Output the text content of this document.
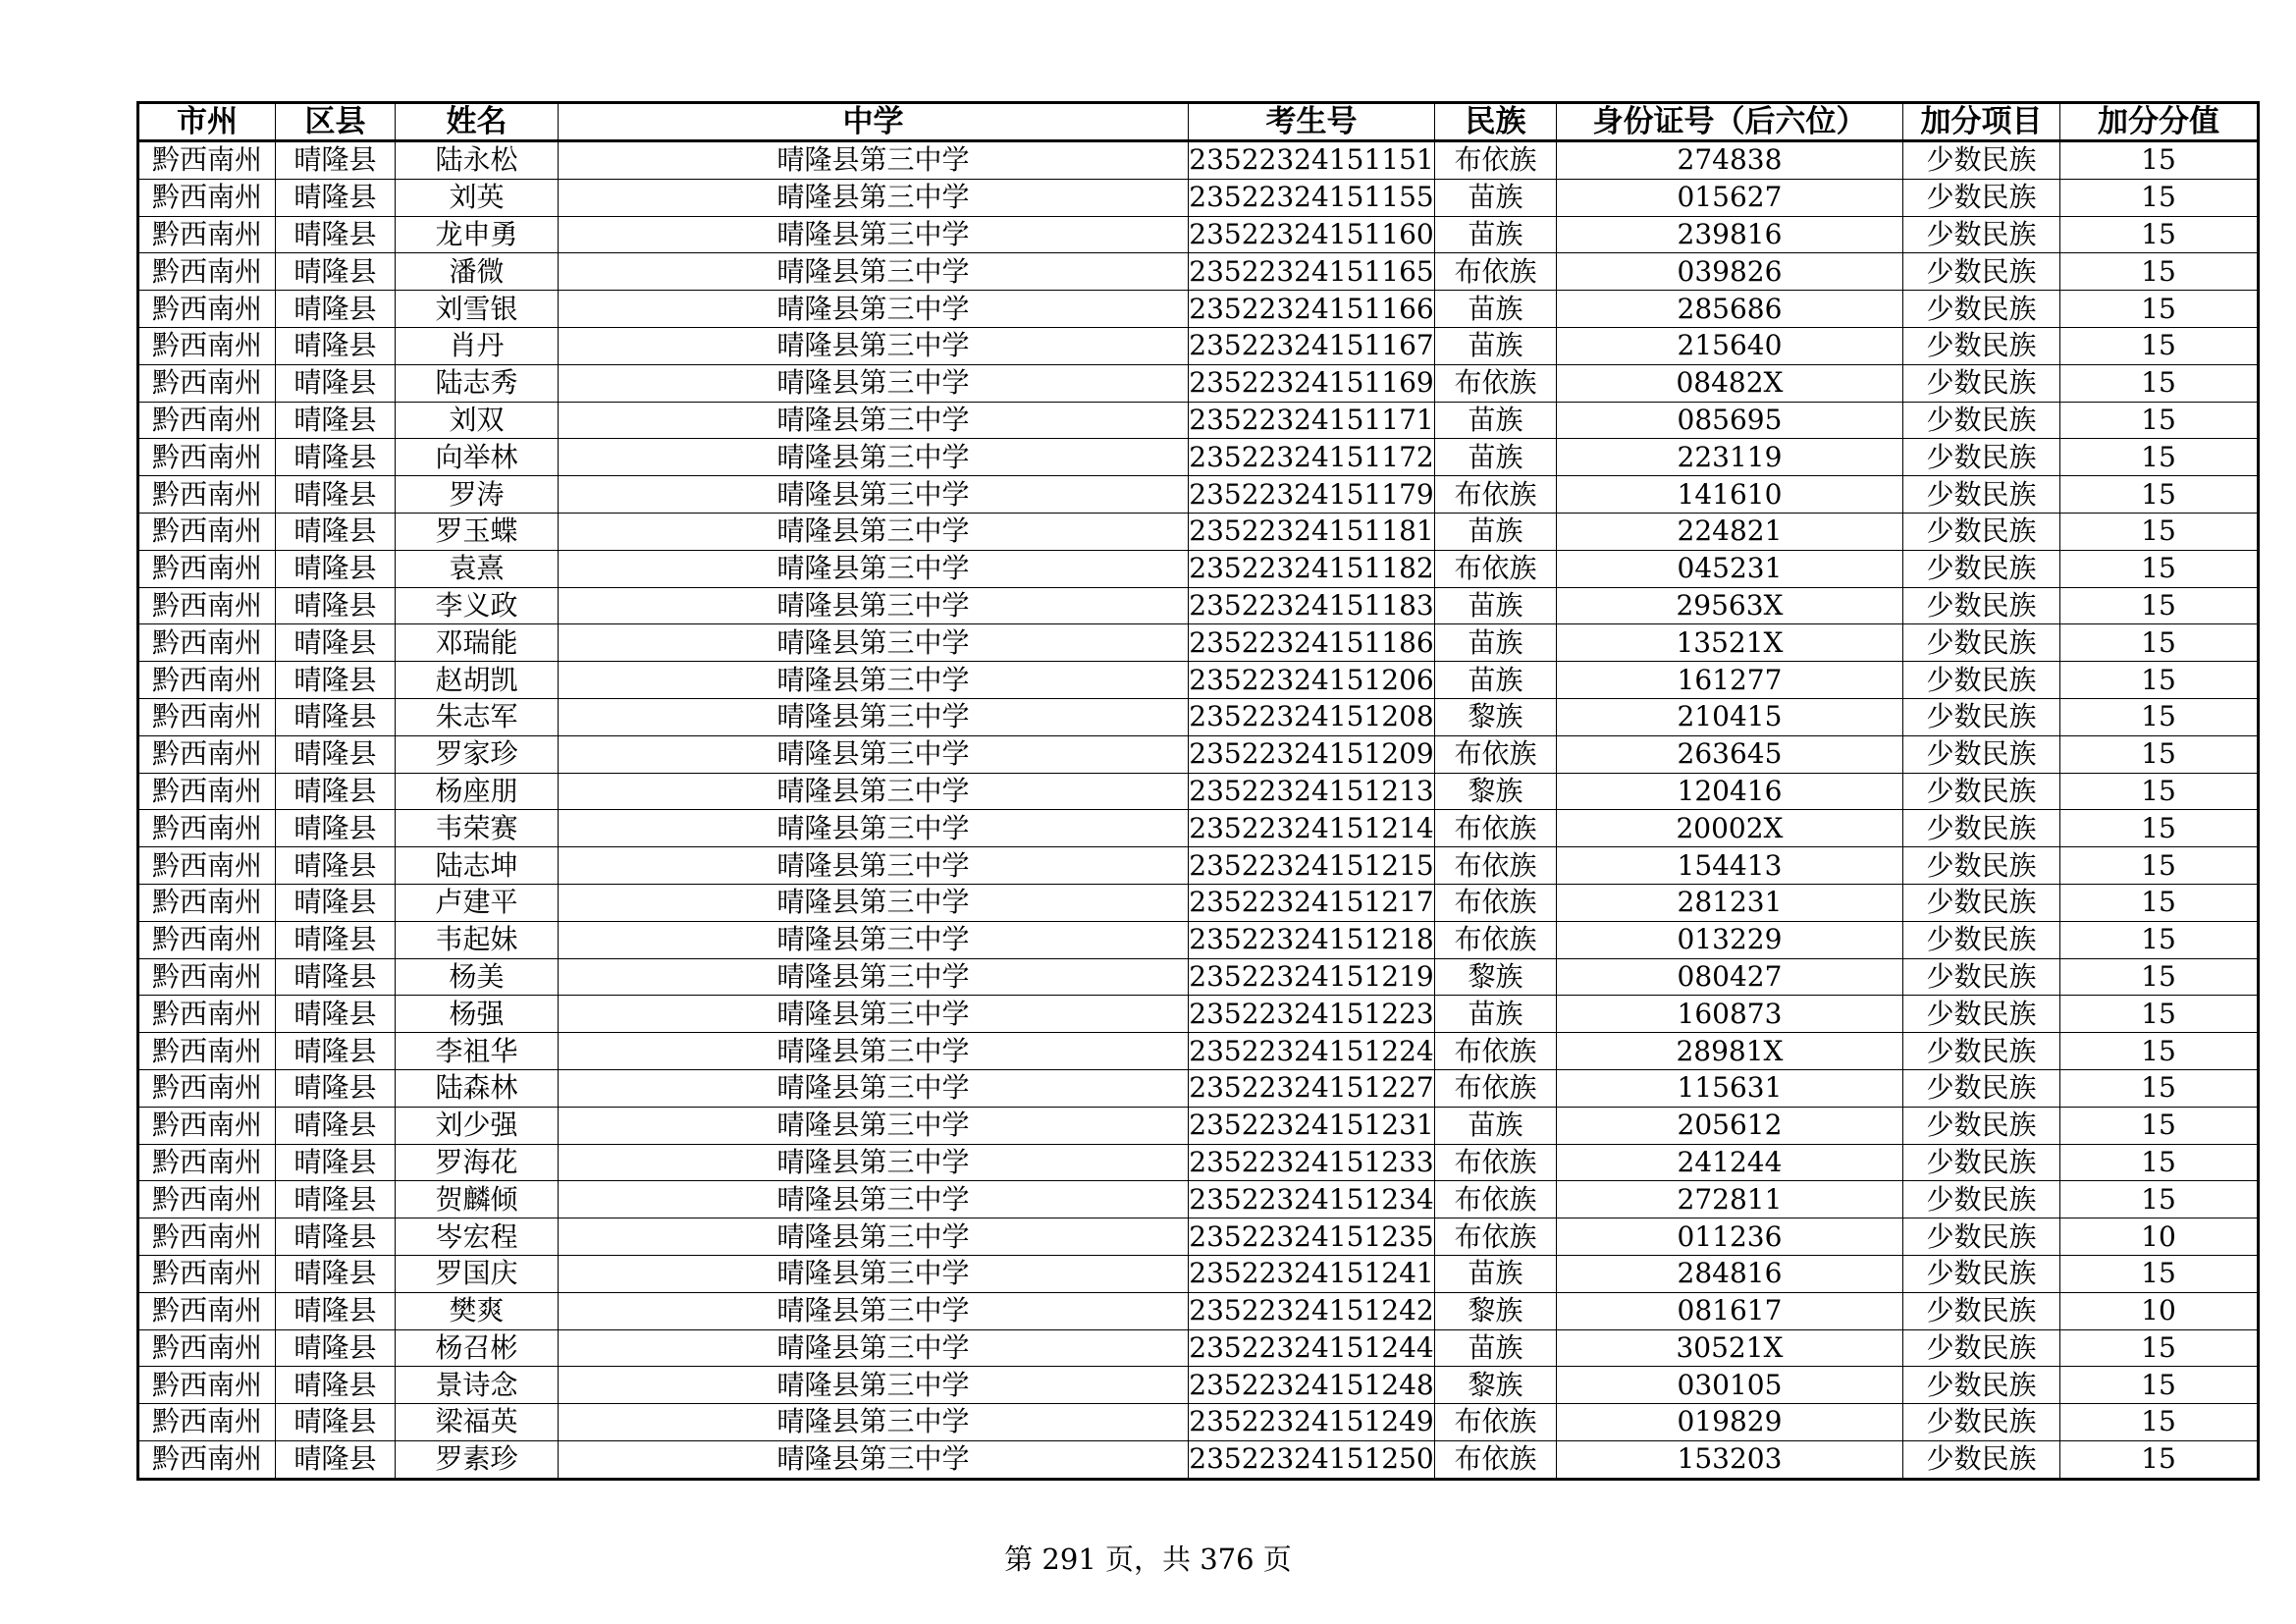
市州	区县	姓名	中学	考生号	民族	身份证号（后六位）	加分项目	加分分值
黔西南州	晴隆县	陆永松	晴隆县第三中学	23522324151151	布依族	274838	少数民族	15
黔西南州	晴隆县	刘英	晴隆县第三中学	23522324151155	苗族	015627	少数民族	15
黔西南州	晴隆县	龙申勇	晴隆县第三中学	23522324151160	苗族	239816	少数民族	15
黔西南州	晴隆县	潘微	晴隆县第三中学	23522324151165	布依族	039826	少数民族	15
黔西南州	晴隆县	刘雪银	晴隆县第三中学	23522324151166	苗族	285686	少数民族	15
黔西南州	晴隆县	肖丹	晴隆县第三中学	23522324151167	苗族	215640	少数民族	15
黔西南州	晴隆县	陆志秀	晴隆县第三中学	23522324151169	布依族	08482X	少数民族	15
黔西南州	晴隆县	刘双	晴隆县第三中学	23522324151171	苗族	085695	少数民族	15
黔西南州	晴隆县	向举林	晴隆县第三中学	23522324151172	苗族	223119	少数民族	15
黔西南州	晴隆县	罗涛	晴隆县第三中学	23522324151179	布依族	141610	少数民族	15
黔西南州	晴隆县	罗玉蝶	晴隆县第三中学	23522324151181	苗族	224821	少数民族	15
黔西南州	晴隆县	袁熹	晴隆县第三中学	23522324151182	布依族	045231	少数民族	15
黔西南州	晴隆县	李义政	晴隆县第三中学	23522324151183	苗族	29563X	少数民族	15
黔西南州	晴隆县	邓瑞能	晴隆县第三中学	23522324151186	苗族	13521X	少数民族	15
黔西南州	晴隆县	赵胡凯	晴隆县第三中学	23522324151206	苗族	161277	少数民族	15
黔西南州	晴隆县	朱志军	晴隆县第三中学	23522324151208	黎族	210415	少数民族	15
黔西南州	晴隆县	罗家珍	晴隆县第三中学	23522324151209	布依族	263645	少数民族	15
黔西南州	晴隆县	杨座朋	晴隆县第三中学	23522324151213	黎族	120416	少数民族	15
黔西南州	晴隆县	韦荣赛	晴隆县第三中学	23522324151214	布依族	20002X	少数民族	15
黔西南州	晴隆县	陆志坤	晴隆县第三中学	23522324151215	布依族	154413	少数民族	15
黔西南州	晴隆县	卢建平	晴隆县第三中学	23522324151217	布依族	281231	少数民族	15
黔西南州	晴隆县	韦起妹	晴隆县第三中学	23522324151218	布依族	013229	少数民族	15
黔西南州	晴隆县	杨美	晴隆县第三中学	23522324151219	黎族	080427	少数民族	15
黔西南州	晴隆县	杨强	晴隆县第三中学	23522324151223	苗族	160873	少数民族	15
黔西南州	晴隆县	李祖华	晴隆县第三中学	23522324151224	布依族	28981X	少数民族	15
黔西南州	晴隆县	陆森林	晴隆县第三中学	23522324151227	布依族	115631	少数民族	15
黔西南州	晴隆县	刘少强	晴隆县第三中学	23522324151231	苗族	205612	少数民族	15
黔西南州	晴隆县	罗海花	晴隆县第三中学	23522324151233	布依族	241244	少数民族	15
黔西南州	晴隆县	贺麟倾	晴隆县第三中学	23522324151234	布依族	272811	少数民族	15
黔西南州	晴隆县	岑宏程	晴隆县第三中学	23522324151235	布依族	011236	少数民族	10
黔西南州	晴隆县	罗国庆	晴隆县第三中学	23522324151241	苗族	284816	少数民族	15
黔西南州	晴隆县	樊爽	晴隆县第三中学	23522324151242	黎族	081617	少数民族	10
黔西南州	晴隆县	杨召彬	晴隆县第三中学	23522324151244	苗族	30521X	少数民族	15
黔西南州	晴隆县	景诗念	晴隆县第三中学	23522324151248	黎族	030105	少数民族	15
黔西南州	晴隆县	梁福英	晴隆县第三中学	23522324151249	布依族	019829	少数民族	15
黔西南州	晴隆县	罗素珍	晴隆县第三中学	23522324151250	布依族	153203	少数民族	15
第 291 页，共 376 页
